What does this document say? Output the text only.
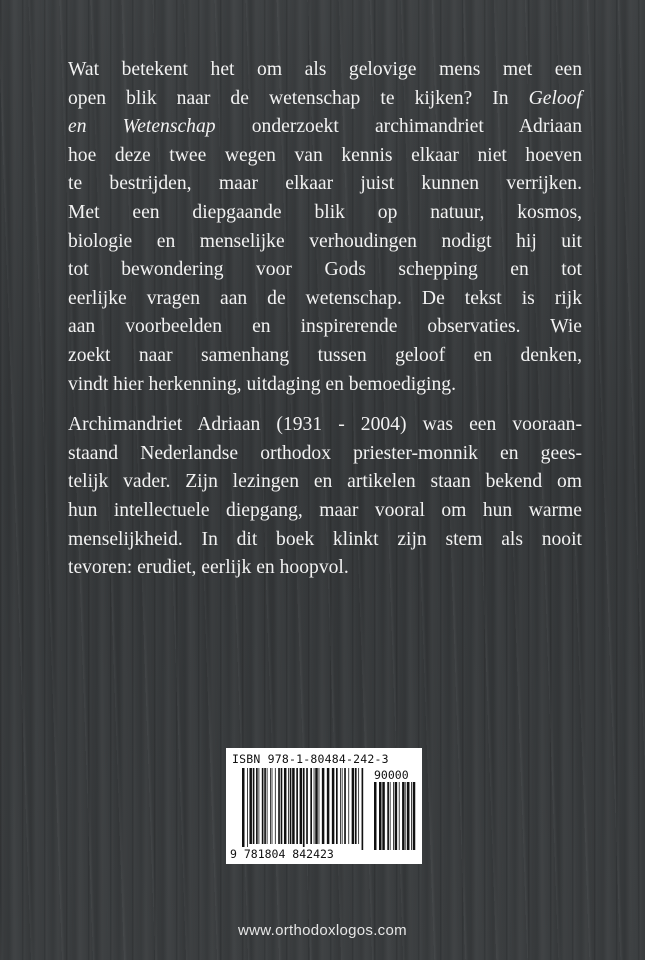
Wat betekent het om als gelovige mens met een
open blik naar de wetenschap te kijken? In Geloof
en Wetenschap onderzoekt archimandriet Adriaan
hoe deze twee wegen van kennis elkaar niet hoeven
te bestrijden, maar elkaar juist kunnen verrijken.
Met een diepgaande blik op natuur, kosmos,
biologie en menselijke verhoudingen nodigt hij uit
tot bewondering voor Gods schepping en tot
eerlijke vragen aan de wetenschap. De tekst is rijk
aan voorbeelden en inspirerende observaties. Wie
zoekt naar samenhang tussen geloof en denken,
vindt hier herkenning, uitdaging en bemoediging.

Archimandriet Adriaan (1931 - 2004) was een vooraan-
staand Nederlandse orthodox priester-monnik en gees-
telijk vader. Zijn lezingen en artikelen staan bekend om
hun intellectuele diepgang, maar vooral om hun warme
menselijkheid. In dit boek klinkt zijn stem als nooit
tevoren: erudiet, eerlijk en hoopvol.

ISBN 978-1-80484-242-3
90000
9 781804 842423
www.orthodoxlogos.com
